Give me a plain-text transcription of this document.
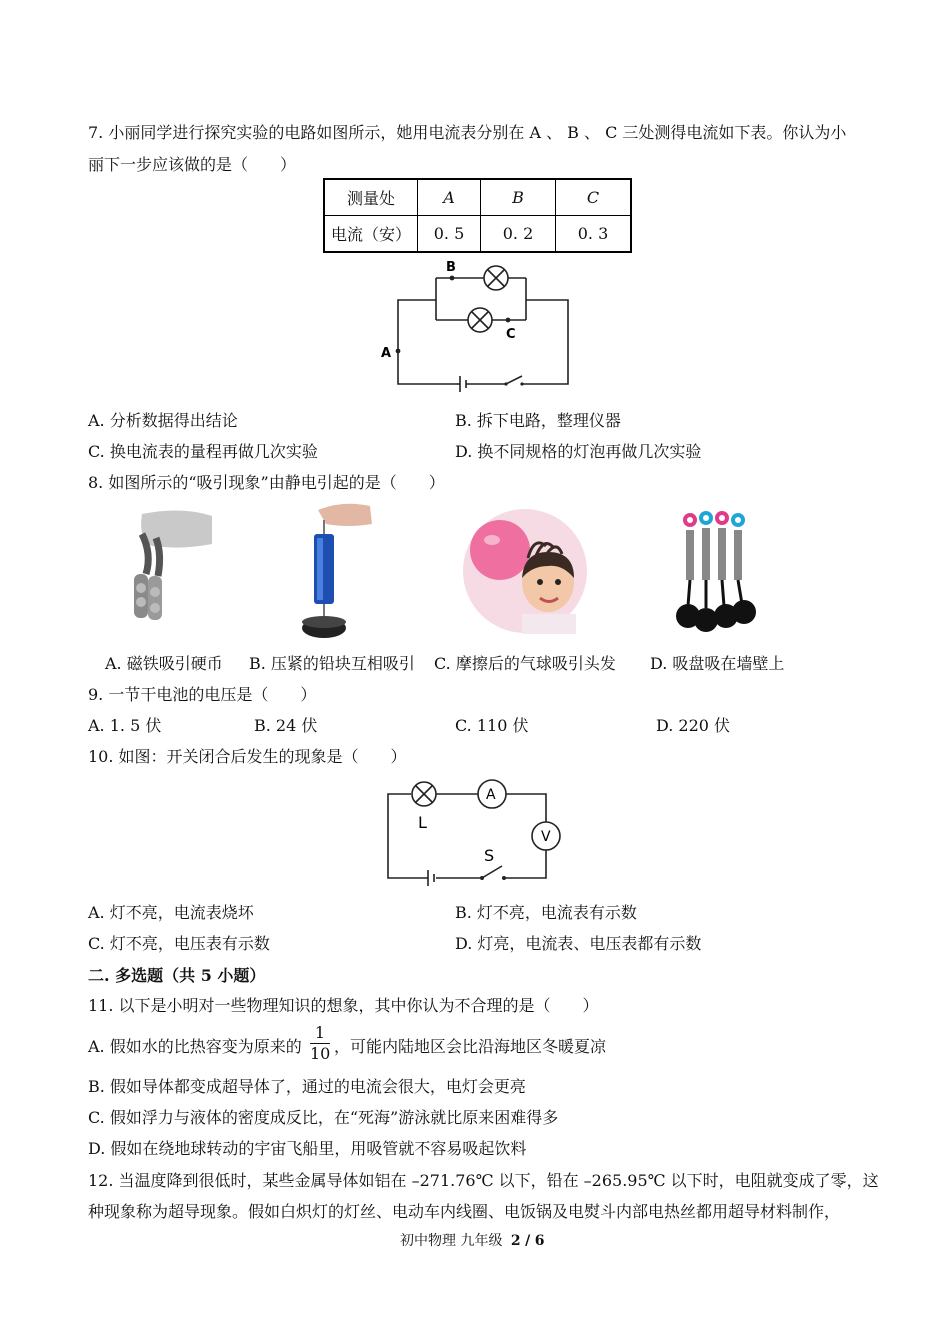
7. 小丽同学进行探究实验的电路如图所示，她用电流表分别在 A 、 B 、 C 三处测得电流如下表。你认为小
丽下一步应该做的是（　　）
测量处	A	B	C
电流（安）	0. 5	0. 2	0. 3
A
B
C
A. 分析数据得出结论	B. 拆下电路，整理仪器
C. 换电流表的量程再做几次实验	D. 换不同规格的灯泡再做几次实验
8. 如图所示的“吸引现象”由静电引起的是（　　）
A. 磁铁吸引硬币 B. 压紧的铅块互相吸引 C. 摩擦后的气球吸引头发 D. 吸盘吸在墙壁上
9. 一节干电池的电压是（　　）
A. 1. 5 伏	B. 24 伏	C. 110 伏	D. 220 伏
10. 如图：开关闭合后发生的现象是（　　）
A
V
L
S
A. 灯不亮，电流表烧坏	B. 灯不亮，电流表有示数
C. 灯不亮，电压表有示数	D. 灯亮，电流表、电压表都有示数
二. 多选题（共 5 小题）
11. 以下是小明对一些物理知识的想象，其中你认为不合理的是（　　）
A. 假如水的比热容变为原来的 $\frac{1}{10}$ ，可能内陆地区会比沿海地区冬暖夏凉
B. 假如导体都变成超导体了，通过的电流会很大，电灯会更亮
C. 假如浮力与液体的密度成反比，在“死海”游泳就比原来困难得多
D. 假如在绕地球转动的宇宙飞船里，用吸管就不容易吸起饮料
12. 当温度降到很低时，某些金属导体如铝在 –271.76℃ 以下，铅在 –265.95℃ 以下时，电阻就变成了零，这
种现象称为超导现象。假如白炽灯的灯丝、电动车内线圈、电饭锅及电熨斗内部电热丝都用超导材料制作，
初中物理 九年级 2 / 6
